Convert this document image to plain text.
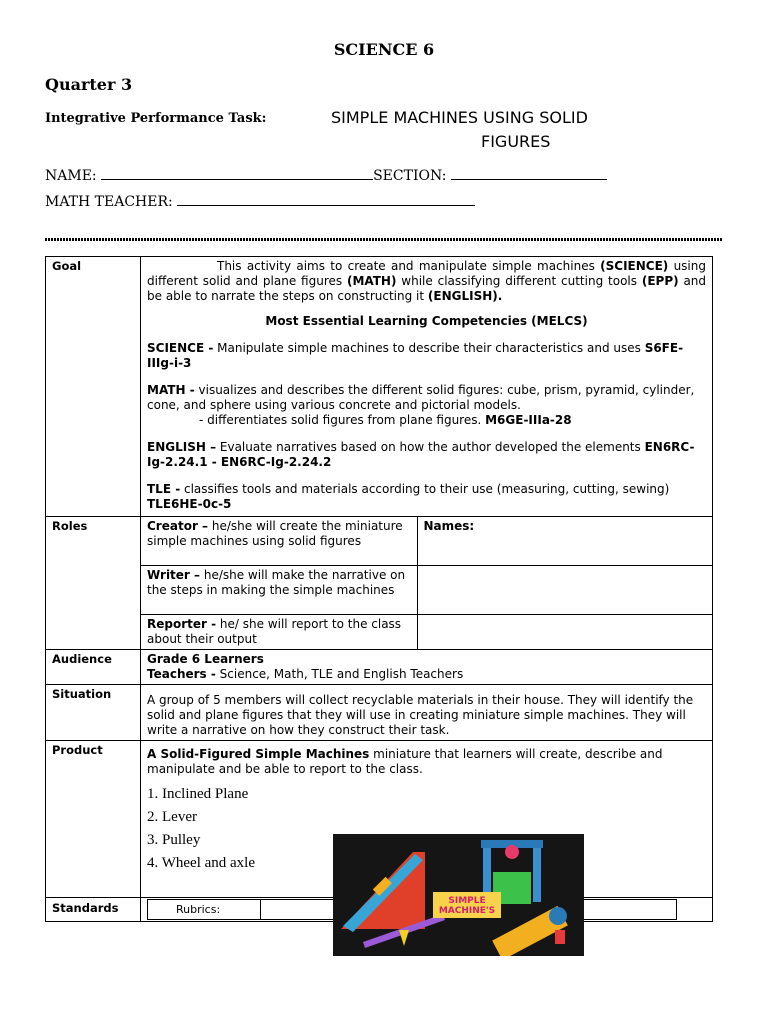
SCIENCE 6
Quarter 3
Integrative Performance Task:	SIMPLE MACHINES USING SOLID
FIGURES
NAME:	SECTION:
MATH TEACHER:
Goal	This activity aims to create and manipulate simple machines (SCIENCE) using different solid and plane figures (MATH) while classifying different cutting tools (EPP) and be able to narrate the steps on constructing it (ENGLISH).

Most Essential Learning Competencies (MELCS)

SCIENCE - Manipulate simple machines to describe their characteristics and uses S6FE-IIIg-i-3

MATH - visualizes and describes the different solid figures: cube, prism, pyramid, cylinder, cone, and sphere using various concrete and pictorial models.

- differentiates solid figures from plane figures. M6GE-IIIa-28

ENGLISH – Evaluate narratives based on how the author developed the elements EN6RC-Ig-2.24.1 - EN6RC-Ig-2.24.2

TLE - classifies tools and materials according to their use (measuring, cutting, sewing) TLE6HE-0c-5

Roles		Creator – he/she will create the miniature simple machines using solid figures	Names:
Writer – he/she will make the narrative on the steps in making the simple machines	
Reporter - he/ she will report to the class about their output	

Audience	Grade 6 Learners

Teachers - Science, Math, TLE and English Teachers

Situation	A group of 5 members will collect recyclable materials in their house. They will identify the solid and plane figures that they will use in creating miniature simple machines. They will write a narrative on how they construct their task.

Product	A Solid-Figured Simple Machines miniature that learners will create, describe and manipulate and be able to report to the class.

1. Inclined Plane
2. Lever
3. Pulley
4. Wheel and axle

Standards		Rubrics:			
SIMPLE MACHINE'S
